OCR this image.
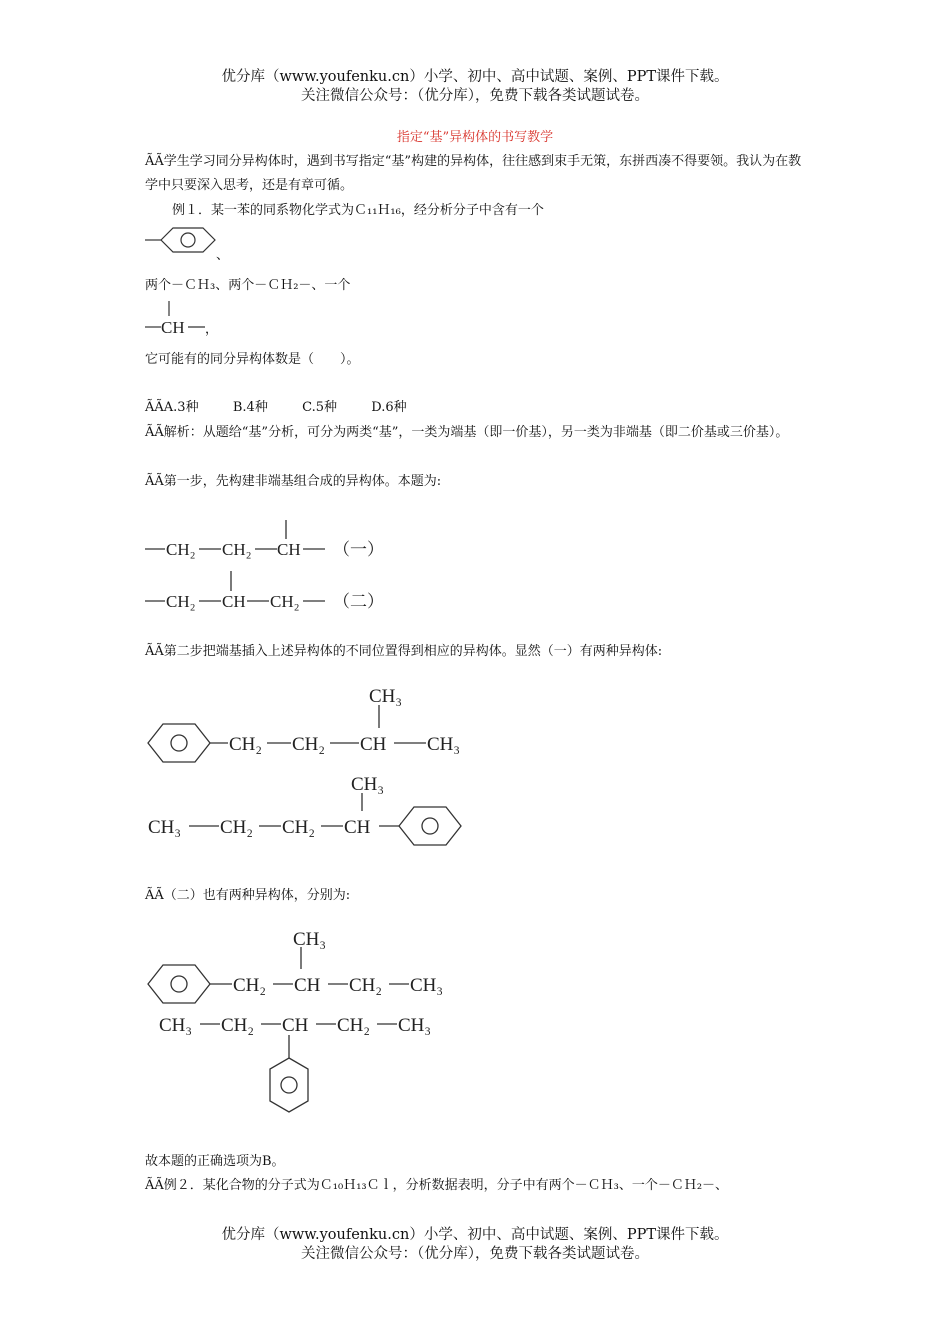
优分库（www.youfenku.cn）小学、初中、高中试题、案例、PPT课件下载。
关注微信公众号：（优分库），免费下载各类试题试卷。
指定“基”异构体的书写教学
ÃÃ学生学习同分异构体时，遇到书写指定“基”构建的异构体，往往感到束手无策，东拼西凑不得要领。我认为在教学中只要深入思考，还是有章可循。
例１．某一苯的同系物化学式为Ｃ₁₁Ｈ₁₆，经分析分子中含有一个
、
两个－ＣＨ₃、两个－ＣＨ₂－、一个
CH ，
它可能有的同分异构体数是（　　）。
ÃÃA.3种	B.4种	C.5种	D.6种
ÃÃ解析：从题给“基”分析，可分为两类“基”，一类为端基（即一价基），另一类为非端基（即二价基或三价基）。
ÃÃ第一步，先构建非端基组合成的异构体。本题为:
CH₂ CH₂ CH （一）
CH₂ CH CH₂ （二）
ÃÃ第二步把端基插入上述异构体的不同位置得到相应的异构体。显然（一）有两种异构体:
CH₂ CH₂ CH
CH₃
CH₃
CH₃ CH₂ CH₂ CH
CH₃
ÃÃ（二）也有两种异构体，分别为:
CH₂ CH
CH₃
CH₂ CH₃
CH₃ CH₂ CH CH₂ CH₃
故本题的正确选项为B。
ÃÃ例２．某化合物的分子式为Ｃ₁₀Ｈ₁₃Ｃｌ，分析数据表明，分子中有两个－ＣＨ₃、一个－ＣＨ₂－、
优分库（www.youfenku.cn）小学、初中、高中试题、案例、PPT课件下载。
关注微信公众号：（优分库），免费下载各类试题试卷。
